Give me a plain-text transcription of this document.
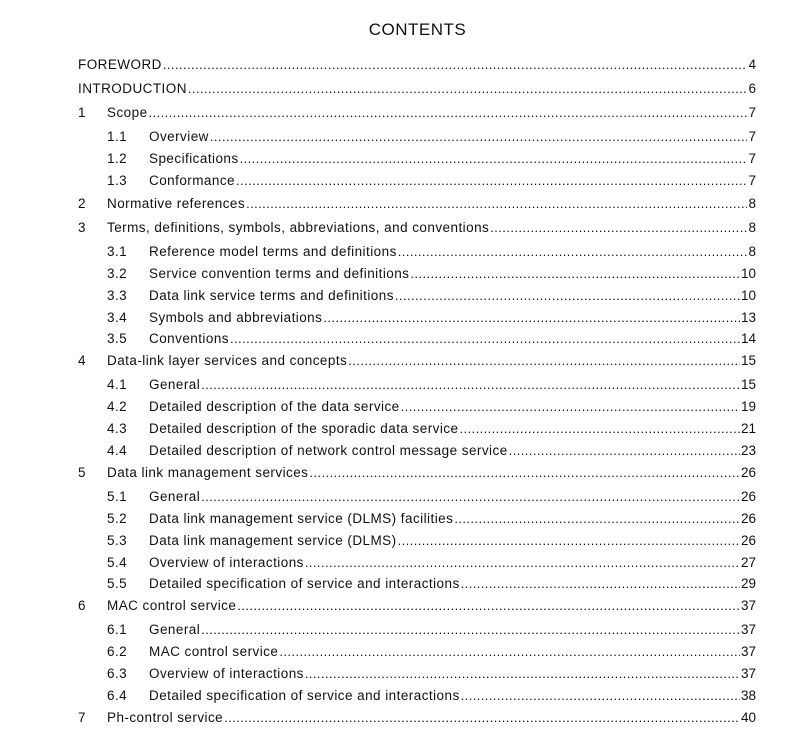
CONTENTS
FOREWORD . . .	4
INTRODUCTION . . .	6
1	Scope . . .	7
1.1	Overview . . .	7
1.2	Specifications . . .	7
1.3	Conformance . . .	7
2	Normative references . . .	8
3	Terms, definitions, symbols, abbreviations, and conventions . . .	8
3.1	Reference model terms and definitions . . .	8
3.2	Service convention terms and definitions . . .	10
3.3	Data link service terms and definitions . . .	10
3.4	Symbols and abbreviations . . .	13
3.5	Conventions . . .	14
4	Data-link layer services and concepts . . .	15
4.1	General . . .	15
4.2	Detailed description of the data service . . .	19
4.3	Detailed description of the sporadic data service . . .	21
4.4	Detailed description of network control message service . . .	23
5	Data link management services . . .	26
5.1	General . . .	26
5.2	Data link management service (DLMS) facilities . . .	26
5.3	Data link management service (DLMS) . . .	26
5.4	Overview of interactions . . .	27
5.5	Detailed specification of service and interactions . . .	29
6	MAC control service . . .	37
6.1	General . . .	37
6.2	MAC control service . . .	37
6.3	Overview of interactions . . .	37
6.4	Detailed specification of service and interactions . . .	38
7	Ph-control service . . .	40
